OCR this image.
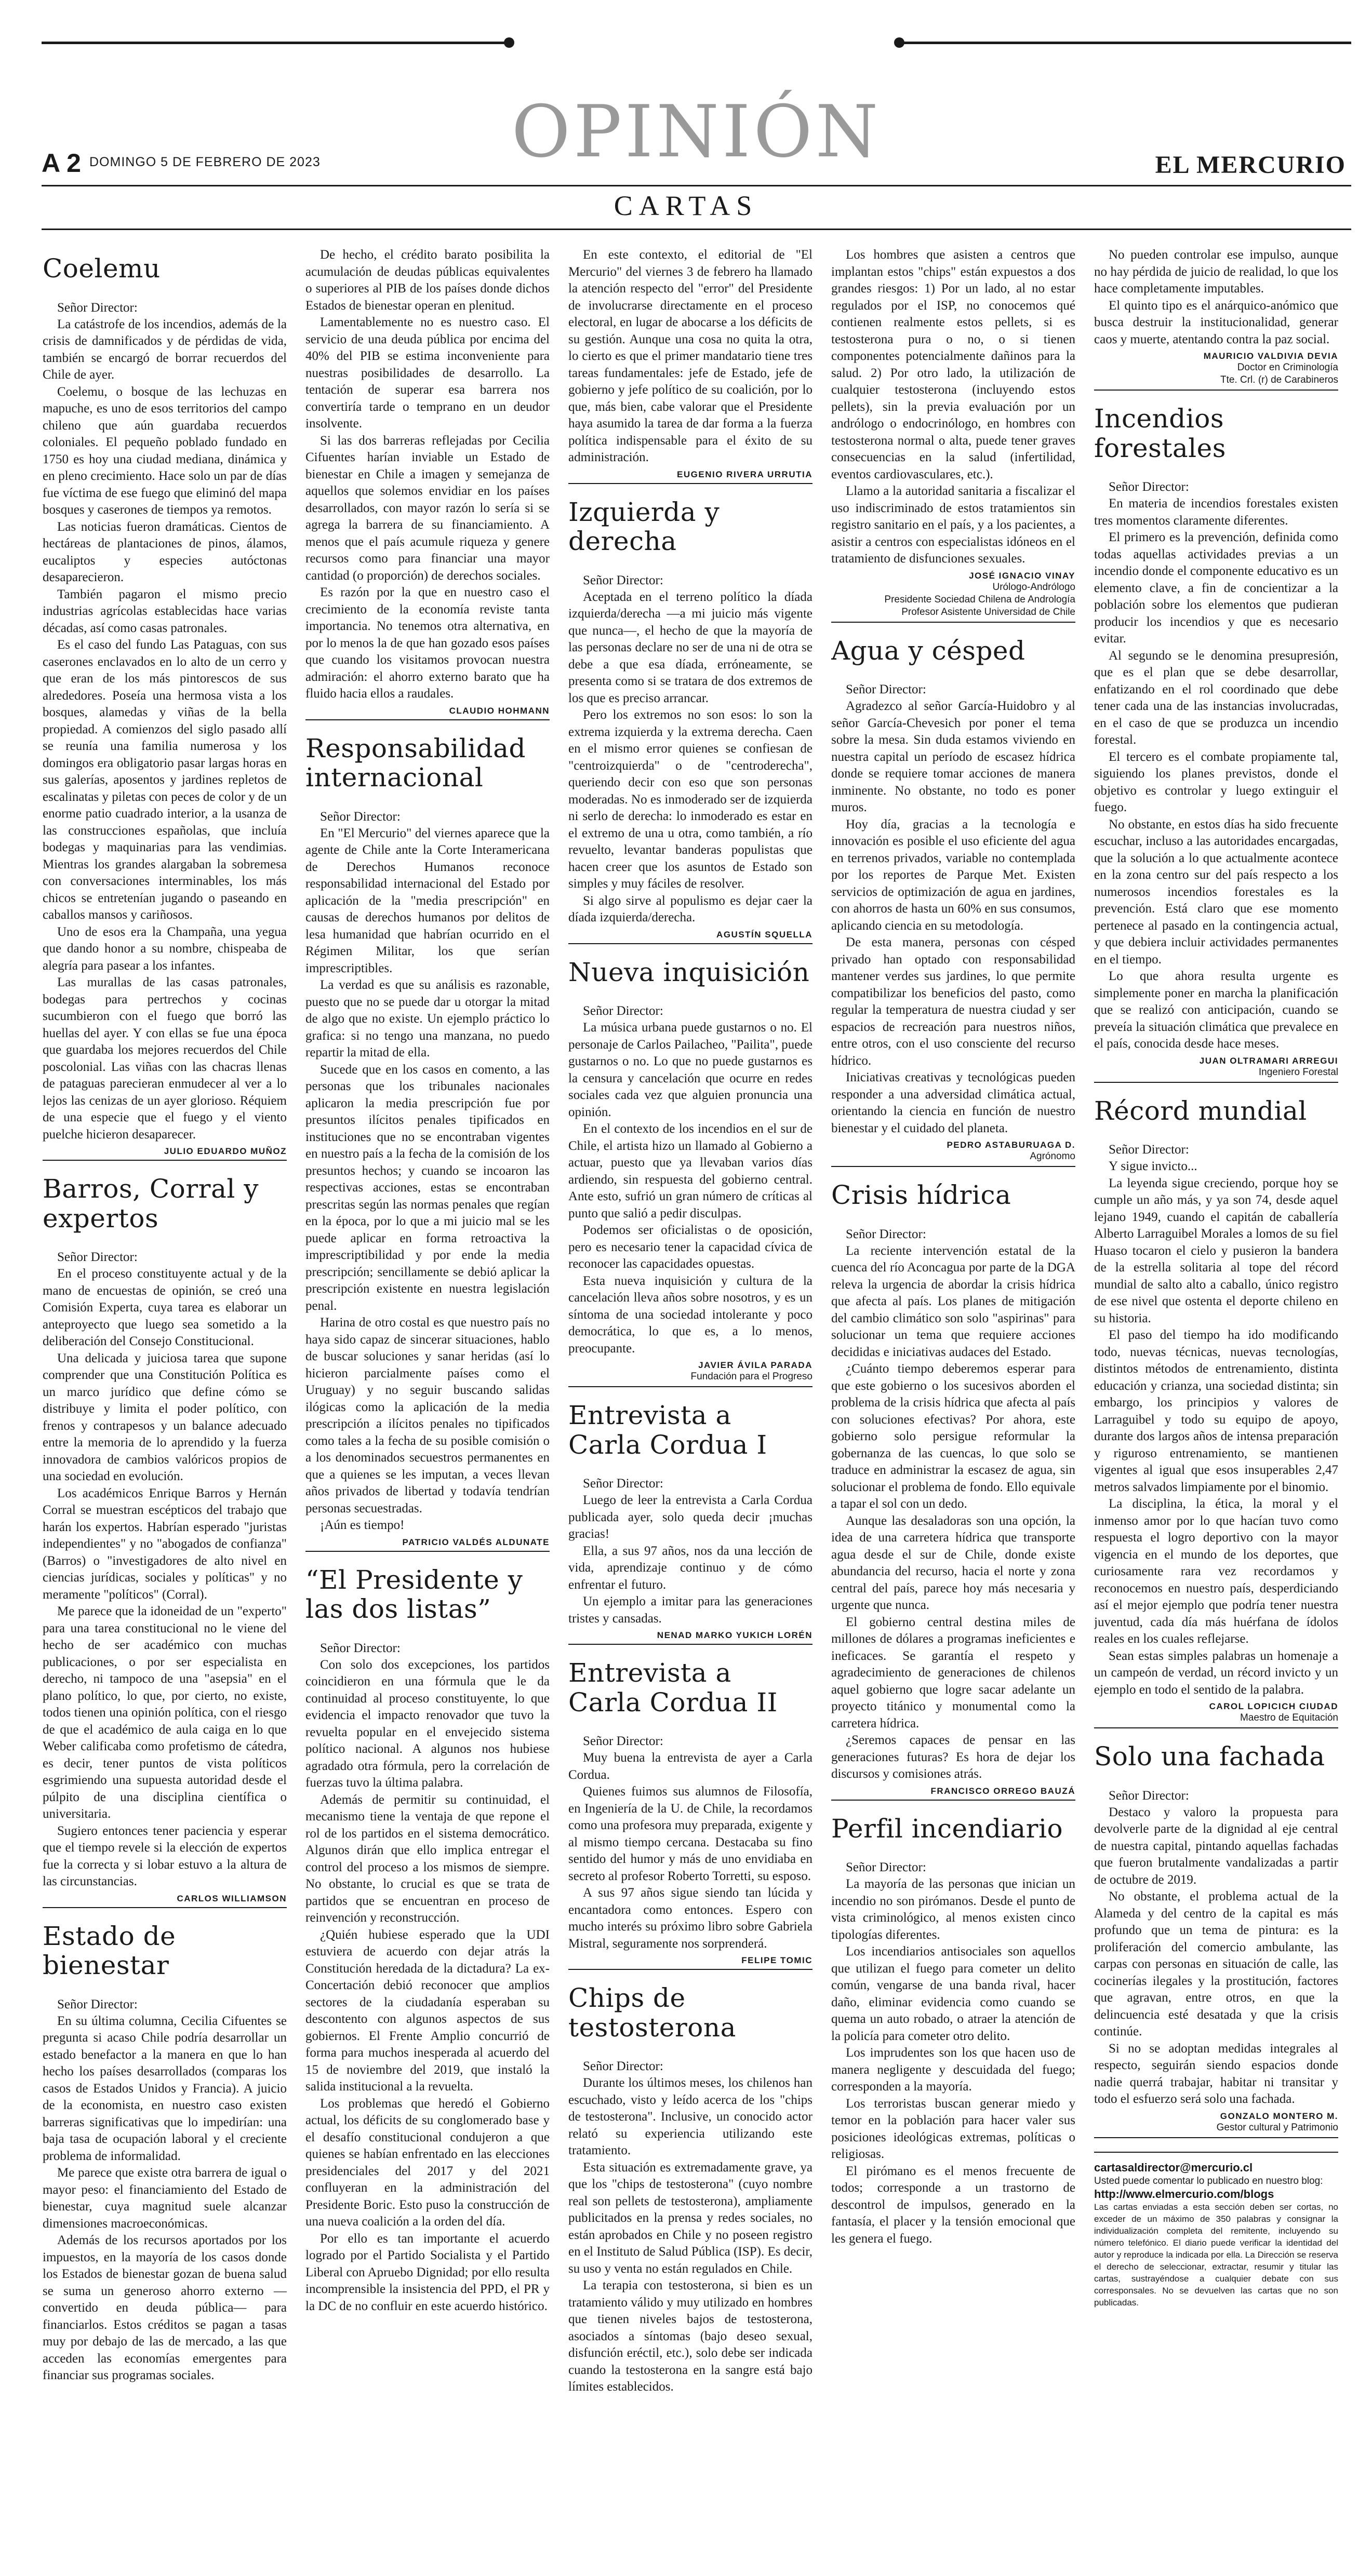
OPINIÓN
A 2 DOMINGO 5 DE FEBRERO DE 2023	EL MERCURIO
CARTAS
Coelemu

Señor Director:

La catástrofe de los incendios, además de la crisis de damnificados y de pérdidas de vida, también se encargó de borrar recuerdos del Chile de ayer.

Coelemu, o bosque de las lechuzas en mapuche, es uno de esos territorios del campo chileno que aún guardaba recuerdos coloniales. El pequeño poblado fundado en 1750 es hoy una ciudad mediana, dinámica y en pleno crecimiento. Hace solo un par de días fue víctima de ese fuego que eliminó del mapa bosques y caserones de tiempos ya remotos.

Las noticias fueron dramáticas. Cientos de hectáreas de plantaciones de pinos, álamos, eucaliptos y especies autóctonas desaparecieron.

También pagaron el mismo precio industrias agrícolas establecidas hace varias décadas, así como casas patronales.

Es el caso del fundo Las Pataguas, con sus caserones enclavados en lo alto de un cerro y que eran de los más pintorescos de sus alrededores. Poseía una hermosa vista a los bosques, alamedas y viñas de la bella propiedad. A comienzos del siglo pasado allí se reunía una familia numerosa y los domingos era obligatorio pasar largas horas en sus galerías, aposentos y jardines repletos de escalinatas y piletas con peces de color y de un enorme patio cuadrado interior, a la usanza de las construcciones españolas, que incluía bodegas y maquinarias para las vendimias. Mientras los grandes alargaban la sobremesa con conversaciones interminables, los más chicos se entretenían jugando o paseando en caballos mansos y cariñosos.

Uno de esos era la Champaña, una yegua que dando honor a su nombre, chispeaba de alegría para pasear a los infantes.

Las murallas de las casas patronales, bodegas para pertrechos y cocinas sucumbieron con el fuego que borró las huellas del ayer. Y con ellas se fue una época que guardaba los mejores recuerdos del Chile poscolonial. Las viñas con las chacras llenas de pataguas parecieran enmudecer al ver a lo lejos las cenizas de un ayer glorioso. Réquiem de una especie que el fuego y el viento puelche hicieron desaparecer.

JULIO EDUARDO MUÑOZ
Barros, Corral y expertos

Señor Director:

En el proceso constituyente actual y de la mano de encuestas de opinión, se creó una Comisión Experta, cuya tarea es elaborar un anteproyecto que luego sea sometido a la deliberación del Consejo Constitucional.

Una delicada y juiciosa tarea que supone comprender que una Constitución Política es un marco jurídico que define cómo se distribuye y limita el poder político, con frenos y contrapesos y un balance adecuado entre la memoria de lo aprendido y la fuerza innovadora de cambios valóricos propios de una sociedad en evolución.

Los académicos Enrique Barros y Hernán Corral se muestran escépticos del trabajo que harán los expertos. Habrían esperado "juristas independientes" y no "abogados de confianza" (Barros) o "investigadores de alto nivel en ciencias jurídicas, sociales y políticas" y no meramente "políticos" (Corral).

Me parece que la idoneidad de un "experto" para una tarea constitucional no le viene del hecho de ser académico con muchas publicaciones, o por ser especialista en derecho, ni tampoco de una "asepsia" en el plano político, lo que, por cierto, no existe, todos tienen una opinión política, con el riesgo de que el académico de aula caiga en lo que Weber calificaba como profetismo de cátedra, es decir, tener puntos de vista políticos esgrimiendo una supuesta autoridad desde el púlpito de una disciplina científica o universitaria.

Sugiero entonces tener paciencia y esperar que el tiempo revele si la elección de expertos fue la correcta y si lobar estuvo a la altura de las circunstancias.

CARLOS WILLIAMSON
Estado de bienestar

Señor Director:

En su última columna, Cecilia Cifuentes se pregunta si acaso Chile podría desarrollar un estado benefactor a la manera en que lo han hecho los países desarrollados (comparas los casos de Estados Unidos y Francia). A juicio de la economista, en nuestro caso existen barreras significativas que lo impedirían: una baja tasa de ocupación laboral y el creciente problema de informalidad.

Me parece que existe otra barrera de igual o mayor peso: el financiamiento del Estado de bienestar, cuya magnitud suele alcanzar dimensiones macroeconómicas.

Además de los recursos aportados por los impuestos, en la mayoría de los casos donde los Estados de bienestar gozan de buena salud se suma un generoso ahorro externo —convertido en deuda pública— para financiarlos. Estos créditos se pagan a tasas muy por debajo de las de mercado, a las que acceden las economías emergentes para financiar sus programas sociales.

De hecho, el crédito barato posibilita la acumulación de deudas públicas equivalentes o superiores al PIB de los países donde dichos Estados de bienestar operan en plenitud.

Lamentablemente no es nuestro caso. El servicio de una deuda pública por encima del 40% del PIB se estima inconveniente para nuestras posibilidades de desarrollo. La tentación de superar esa barrera nos convertiría tarde o temprano en un deudor insolvente.

Si las dos barreras reflejadas por Cecilia Cifuentes harían inviable un Estado de bienestar en Chile a imagen y semejanza de aquellos que solemos envidiar en los países desarrollados, con mayor razón lo sería si se agrega la barrera de su financiamiento. A menos que el país acumule riqueza y genere recursos como para financiar una mayor cantidad (o proporción) de derechos sociales.

Es razón por la que en nuestro caso el crecimiento de la economía reviste tanta importancia. No tenemos otra alternativa, en por lo menos la de que han gozado esos países que cuando los visitamos provocan nuestra admiración: el ahorro externo barato que ha fluido hacia ellos a raudales.

CLAUDIO HOHMANN
Responsabilidad internacional

Señor Director:

En "El Mercurio" del viernes aparece que la agente de Chile ante la Corte Interamericana de Derechos Humanos reconoce responsabilidad internacional del Estado por aplicación de la "media prescripción" en causas de derechos humanos por delitos de lesa humanidad que habrían ocurrido en el Régimen Militar, los que serían imprescriptibles.

La verdad es que su análisis es razonable, puesto que no se puede dar u otorgar la mitad de algo que no existe. Un ejemplo práctico lo grafica: si no tengo una manzana, no puedo repartir la mitad de ella.

Sucede que en los casos en comento, a las personas que los tribunales nacionales aplicaron la media prescripción fue por presuntos ilícitos penales tipificados en instituciones que no se encontraban vigentes en nuestro país a la fecha de la comisión de los presuntos hechos; y cuando se incoaron las respectivas acciones, estas se encontraban prescritas según las normas penales que regían en la época, por lo que a mi juicio mal se les puede aplicar en forma retroactiva la imprescriptibilidad y por ende la media prescripción; sencillamente se debió aplicar la prescripción existente en nuestra legislación penal.

Harina de otro costal es que nuestro país no haya sido capaz de sincerar situaciones, hablo de buscar soluciones y sanar heridas (así lo hicieron parcialmente países como el Uruguay) y no seguir buscando salidas ilógicas como la aplicación de la media prescripción a ilícitos penales no tipificados como tales a la fecha de su posible comisión o a los denominados secuestros permanentes en que a quienes se les imputan, a veces llevan años privados de libertad y todavía tendrían personas secuestradas.

¡Aún es tiempo!

PATRICIO VALDÉS ALDUNATE
“El Presidente y las dos listas”

Señor Director:

Con solo dos excepciones, los partidos coincidieron en una fórmula que le da continuidad al proceso constituyente, lo que evidencia el impacto renovador que tuvo la revuelta popular en el envejecido sistema político nacional. A algunos nos hubiese agradado otra fórmula, pero la correlación de fuerzas tuvo la última palabra.

Además de permitir su continuidad, el mecanismo tiene la ventaja de que repone el rol de los partidos en el sistema democrático. Algunos dirán que ello implica entregar el control del proceso a los mismos de siempre. No obstante, lo crucial es que se trata de partidos que se encuentran en proceso de reinvención y reconstrucción.

¿Quién hubiese esperado que la UDI estuviera de acuerdo con dejar atrás la Constitución heredada de la dictadura? La ex-Concertación debió reconocer que amplios sectores de la ciudadanía esperaban su descontento con algunos aspectos de sus gobiernos. El Frente Amplio concurrió de forma para muchos inesperada al acuerdo del 15 de noviembre del 2019, que instaló la salida institucional a la revuelta.

Los problemas que heredó el Gobierno actual, los déficits de su conglomerado base y el desafío constitucional condujeron a que quienes se habían enfrentado en las elecciones presidenciales del 2017 y del 2021 confluyeran en la administración del Presidente Boric. Esto puso la construcción de una nueva coalición a la orden del día.

Por ello es tan importante el acuerdo logrado por el Partido Socialista y el Partido Liberal con Apruebo Dignidad; por ello resulta incomprensible la insistencia del PPD, el PR y la DC de no confluir en este acuerdo histórico.

En este contexto, el editorial de "El Mercurio" del viernes 3 de febrero ha llamado la atención respecto del "error" del Presidente de involucrarse directamente en el proceso electoral, en lugar de abocarse a los déficits de su gestión. Aunque una cosa no quita la otra, lo cierto es que el primer mandatario tiene tres tareas fundamentales: jefe de Estado, jefe de gobierno y jefe político de su coalición, por lo que, más bien, cabe valorar que el Presidente haya asumido la tarea de dar forma a la fuerza política indispensable para el éxito de su administración.

EUGENIO RIVERA URRUTIA
Izquierda y derecha

Señor Director:

Aceptada en el terreno político la díada izquierda/derecha —a mi juicio más vigente que nunca—, el hecho de que la mayoría de las personas declare no ser de una ni de otra se debe a que esa díada, erróneamente, se presenta como si se tratara de dos extremos de los que es preciso arrancar.

Pero los extremos no son esos: lo son la extrema izquierda y la extrema derecha. Caen en el mismo error quienes se confiesan de "centroizquierda" o de "centroderecha", queriendo decir con eso que son personas moderadas. No es inmoderado ser de izquierda ni serlo de derecha: lo inmoderado es estar en el extremo de una u otra, como también, a río revuelto, levantar banderas populistas que hacen creer que los asuntos de Estado son simples y muy fáciles de resolver.

Si algo sirve al populismo es dejar caer la díada izquierda/derecha.

AGUSTÍN SQUELLA
Nueva inquisición

Señor Director:

La música urbana puede gustarnos o no. El personaje de Carlos Pailacheo, "Pailita", puede gustarnos o no. Lo que no puede gustarnos es la censura y cancelación que ocurre en redes sociales cada vez que alguien pronuncia una opinión.

En el contexto de los incendios en el sur de Chile, el artista hizo un llamado al Gobierno a actuar, puesto que ya llevaban varios días ardiendo, sin respuesta del gobierno central. Ante esto, sufrió un gran número de críticas al punto que salió a pedir disculpas.

Podemos ser oficialistas o de oposición, pero es necesario tener la capacidad cívica de reconocer las capacidades opuestas.

Esta nueva inquisición y cultura de la cancelación lleva años sobre nosotros, y es un síntoma de una sociedad intolerante y poco democrática, lo que es, a lo menos, preocupante.

JAVIER ÁVILA PARADA
Fundación para el Progreso
Entrevista a Carla Cordua I

Señor Director:

Luego de leer la entrevista a Carla Cordua publicada ayer, solo queda decir ¡muchas gracias!

Ella, a sus 97 años, nos da una lección de vida, aprendizaje continuo y de cómo enfrentar el futuro.

Un ejemplo a imitar para las generaciones tristes y cansadas.

NENAD MARKO YUKICH LORÉN
Entrevista a Carla Cordua II

Señor Director:

Muy buena la entrevista de ayer a Carla Cordua.

Quienes fuimos sus alumnos de Filosofía, en Ingeniería de la U. de Chile, la recordamos como una profesora muy preparada, exigente y al mismo tiempo cercana. Destacaba su fino sentido del humor y más de uno envidiaba en secreto al profesor Roberto Torretti, su esposo.

A sus 97 años sigue siendo tan lúcida y encantadora como entonces. Espero con mucho interés su próximo libro sobre Gabriela Mistral, seguramente nos sorprenderá.

FELIPE TOMIC
Chips de testosterona

Señor Director:

Durante los últimos meses, los chilenos han escuchado, visto y leído acerca de los "chips de testosterona". Inclusive, un conocido actor relató su experiencia utilizando este tratamiento.

Esta situación es extremadamente grave, ya que los "chips de testosterona" (cuyo nombre real son pellets de testosterona), ampliamente publicitados en la prensa y redes sociales, no están aprobados en Chile y no poseen registro en el Instituto de Salud Pública (ISP). Es decir, su uso y venta no están regulados en Chile.

La terapia con testosterona, si bien es un tratamiento válido y muy utilizado en hombres que tienen niveles bajos de testosterona, asociados a síntomas (bajo deseo sexual, disfunción eréctil, etc.), solo debe ser indicada cuando la testosterona en la sangre está bajo límites establecidos.

Los hombres que asisten a centros que implantan estos "chips" están expuestos a dos grandes riesgos: 1) Por un lado, al no estar regulados por el ISP, no conocemos qué contienen realmente estos pellets, si es testosterona pura o no, o si tienen componentes potencialmente dañinos para la salud. 2) Por otro lado, la utilización de cualquier testosterona (incluyendo estos pellets), sin la previa evaluación por un andrólogo o endocrinólogo, en hombres con testosterona normal o alta, puede tener graves consecuencias en la salud (infertilidad, eventos cardiovasculares, etc.).

Llamo a la autoridad sanitaria a fiscalizar el uso indiscriminado de estos tratamientos sin registro sanitario en el país, y a los pacientes, a asistir a centros con especialistas idóneos en el tratamiento de disfunciones sexuales.

JOSÉ IGNACIO VINAY
Urólogo-Andrólogo
Presidente Sociedad Chilena de Andrología
Profesor Asistente Universidad de Chile
Agua y césped

Señor Director:

Agradezco al señor García-Huidobro y al señor García-Chevesich por poner el tema sobre la mesa. Sin duda estamos viviendo en nuestra capital un período de escasez hídrica donde se requiere tomar acciones de manera inminente. No obstante, no todo es poner muros.

Hoy día, gracias a la tecnología e innovación es posible el uso eficiente del agua en terrenos privados, variable no contemplada por los reportes de Parque Met. Existen servicios de optimización de agua en jardines, con ahorros de hasta un 60% en sus consumos, aplicando ciencia en su metodología.

De esta manera, personas con césped privado han optado con responsabilidad mantener verdes sus jardines, lo que permite compatibilizar los beneficios del pasto, como regular la temperatura de nuestra ciudad y ser espacios de recreación para nuestros niños, entre otros, con el uso consciente del recurso hídrico.

Iniciativas creativas y tecnológicas pueden responder a una adversidad climática actual, orientando la ciencia en función de nuestro bienestar y el cuidado del planeta.

PEDRO ASTABURUAGA D.
Agrónomo
Crisis hídrica

Señor Director:

La reciente intervención estatal de la cuenca del río Aconcagua por parte de la DGA releva la urgencia de abordar la crisis hídrica que afecta al país. Los planes de mitigación del cambio climático son solo "aspirinas" para solucionar un tema que requiere acciones decididas e iniciativas audaces del Estado.

¿Cuánto tiempo deberemos esperar para que este gobierno o los sucesivos aborden el problema de la crisis hídrica que afecta al país con soluciones efectivas? Por ahora, este gobierno solo persigue reformular la gobernanza de las cuencas, lo que solo se traduce en administrar la escasez de agua, sin solucionar el problema de fondo. Ello equivale a tapar el sol con un dedo.

Aunque las desaladoras son una opción, la idea de una carretera hídrica que transporte agua desde el sur de Chile, donde existe abundancia del recurso, hacia el norte y zona central del país, parece hoy más necesaria y urgente que nunca.

El gobierno central destina miles de millones de dólares a programas ineficientes e ineficaces. Se garantía el respeto y agradecimiento de generaciones de chilenos aquel gobierno que logre sacar adelante un proyecto titánico y monumental como la carretera hídrica.

¿Seremos capaces de pensar en las generaciones futuras? Es hora de dejar los discursos y comisiones atrás.

FRANCISCO ORREGO BAUZÁ
Perfil incendiario

Señor Director:

La mayoría de las personas que inician un incendio no son pirómanos. Desde el punto de vista criminológico, al menos existen cinco tipologías diferentes.

Los incendiarios antisociales son aquellos que utilizan el fuego para cometer un delito común, vengarse de una banda rival, hacer daño, eliminar evidencia como cuando se quema un auto robado, o atraer la atención de la policía para cometer otro delito.

Los imprudentes son los que hacen uso de manera negligente y descuidada del fuego; corresponden a la mayoría.

Los terroristas buscan generar miedo y temor en la población para hacer valer sus posiciones ideológicas extremas, políticas o religiosas.

El pirómano es el menos frecuente de todos; corresponde a un trastorno de descontrol de impulsos, generado en la fantasía, el placer y la tensión emocional que les genera el fuego.

No pueden controlar ese impulso, aunque no hay pérdida de juicio de realidad, lo que los hace completamente imputables.

El quinto tipo es el anárquico-anómico que busca destruir la institucionalidad, generar caos y muerte, atentando contra la paz social.

MAURICIO VALDIVIA DEVIA
Doctor en Criminología
Tte. Crl. (r) de Carabineros
Incendios forestales

Señor Director:

En materia de incendios forestales existen tres momentos claramente diferentes.

El primero es la prevención, definida como todas aquellas actividades previas a un incendio donde el componente educativo es un elemento clave, a fin de concientizar a la población sobre los elementos que pudieran producir los incendios y que es necesario evitar.

Al segundo se le denomina presupresión, que es el plan que se debe desarrollar, enfatizando en el rol coordinado que debe tener cada una de las instancias involucradas, en el caso de que se produzca un incendio forestal.

El tercero es el combate propiamente tal, siguiendo los planes previstos, donde el objetivo es controlar y luego extinguir el fuego.

No obstante, en estos días ha sido frecuente escuchar, incluso a las autoridades encargadas, que la solución a lo que actualmente acontece en la zona centro sur del país respecto a los numerosos incendios forestales es la prevención. Está claro que ese momento pertenece al pasado en la contingencia actual, y que debiera incluir actividades permanentes en el tiempo.

Lo que ahora resulta urgente es simplemente poner en marcha la planificación que se realizó con anticipación, cuando se preveía la situación climática que prevalece en el país, conocida desde hace meses.

JUAN OLTRAMARI ARREGUI
Ingeniero Forestal
Récord mundial

Señor Director:

Y sigue invicto...

La leyenda sigue creciendo, porque hoy se cumple un año más, y ya son 74, desde aquel lejano 1949, cuando el capitán de caballería Alberto Larraguibel Morales a lomos de su fiel Huaso tocaron el cielo y pusieron la bandera de la estrella solitaria al tope del récord mundial de salto alto a caballo, único registro de ese nivel que ostenta el deporte chileno en su historia.

El paso del tiempo ha ido modificando todo, nuevas técnicas, nuevas tecnologías, distintos métodos de entrenamiento, distinta educación y crianza, una sociedad distinta; sin embargo, los principios y valores de Larraguibel y todo su equipo de apoyo, durante dos largos años de intensa preparación y riguroso entrenamiento, se mantienen vigentes al igual que esos insuperables 2,47 metros salvados limpiamente por el binomio.

La disciplina, la ética, la moral y el inmenso amor por lo que hacían tuvo como respuesta el logro deportivo con la mayor vigencia en el mundo de los deportes, que curiosamente rara vez recordamos y reconocemos en nuestro país, desperdiciando así el mejor ejemplo que podría tener nuestra juventud, cada día más huérfana de ídolos reales en los cuales reflejarse.

Sean estas simples palabras un homenaje a un campeón de verdad, un récord invicto y un ejemplo en todo el sentido de la palabra.

CAROL LOPICICH CIUDAD
Maestro de Equitación
Solo una fachada

Señor Director:

Destaco y valoro la propuesta para devolverle parte de la dignidad al eje central de nuestra capital, pintando aquellas fachadas que fueron brutalmente vandalizadas a partir de octubre de 2019.

No obstante, el problema actual de la Alameda y del centro de la capital es más profundo que un tema de pintura: es la proliferación del comercio ambulante, las carpas con personas en situación de calle, las cocinerías ilegales y la prostitución, factores que agravan, entre otros, en que la delincuencia esté desatada y que la crisis continúe.

Si no se adoptan medidas integrales al respecto, seguirán siendo espacios donde nadie querrá trabajar, habitar ni transitar y todo el esfuerzo será solo una fachada.

GONZALO MONTERO M.
Gestor cultural y Patrimonio
cartasaldirector@mercurio.cl
Usted puede comentar lo publicado en nuestro blog:
http://www.elmercurio.com/blogs
Las cartas enviadas a esta sección deben ser cortas, no exceder de un máximo de 350 palabras y consignar la individualización completa del remitente, incluyendo su número telefónico. El diario puede verificar la identidad del autor y reproduce la indicada por ella. La Dirección se reserva el derecho de seleccionar, extractar, resumir y titular las cartas, sustrayéndose a cualquier debate con sus corresponsales. No se devuelven las cartas que no son publicadas.
